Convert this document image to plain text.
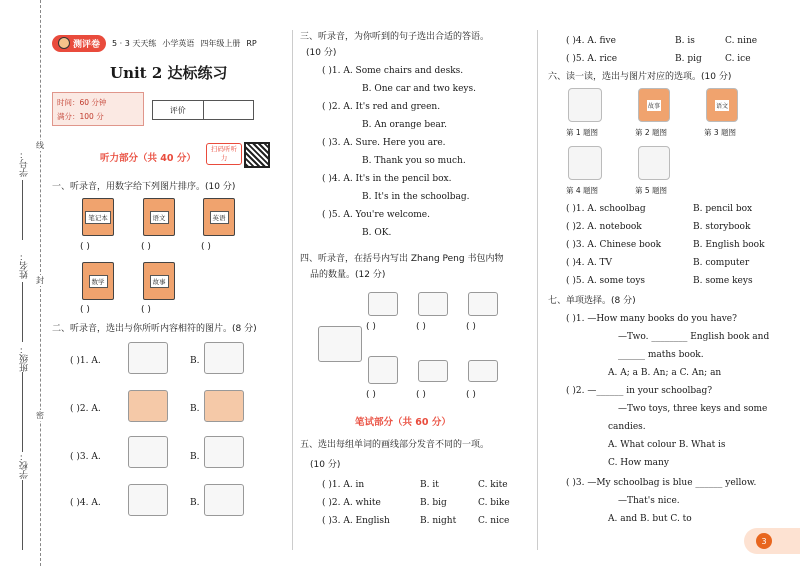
学号：
姓名：
班级：
学校：
线
封
密
测评卷 5 · 3 天天练 小学英语 四年级上册 RP
Unit 2 达标练习
时间：60 分钟
满分：100 分
评价
听力部分（共 40 分）
扫码听听力
一、听录音，用数字给下列图片排序。(10 分)
笔记本	语文	英语
( )	( )	( )
数学	故事
( )	( )
二、听录音，选出与你所听内容相符的图片。(8 分)
( )1. A.	B.
( )2. A.	B.
( )3. A.	B.
( )4. A.	B.
三、听录音，为你听到的句子选出合适的答语。
(10 分)
( )1. A. Some chairs and desks.
B. One car and two keys.
( )2. A. It's red and green.
B. An orange bear.
( )3. A. Sure. Here you are.
B. Thank you so much.
( )4. A. It's in the pencil box.
B. It's in the schoolbag.
( )5. A. You're welcome.
B. OK.
四、听录音，在括号内写出 Zhang Peng 书包内物
品的数量。(12 分)
( )	( )	( )
( )	( )	( )
笔试部分（共 60 分）
五、选出每组单词的画线部分发音不同的一项。
(10 分)
( )1. A. in	B. it	C. kite
( )2. A. white	B. big	C. bike
( )3. A. English	B. night C. nice
( )4. A. five	B. is	C. nine
( )5. A. rice	B. pig	C. ice
六、读一读，选出与图片对应的选项。(10 分)
故事	语文
第 1 题图	第 2 题图	第 3 题图
第 4 题图	第 5 题图
( )1. A. schoolbag	B. pencil box
( )2. A. notebook	B. storybook
( )3. A. Chinese book	B. English book
( )4. A. TV	B. computer
( )5. A. some toys	B. some keys
七、单项选择。(8 分)
( )1. —How many books do you have?
—Two. ________ English book and
______ maths book.
A. A; a B. An; a C. An; an
( )2. —______ in your schoolbag?
—Two toys, three keys and some
candies.
A. What colour B. What is
C. How many
( )3. —My schoolbag is blue ______ yellow.
—That's nice.
A. and B. but C. to
3
